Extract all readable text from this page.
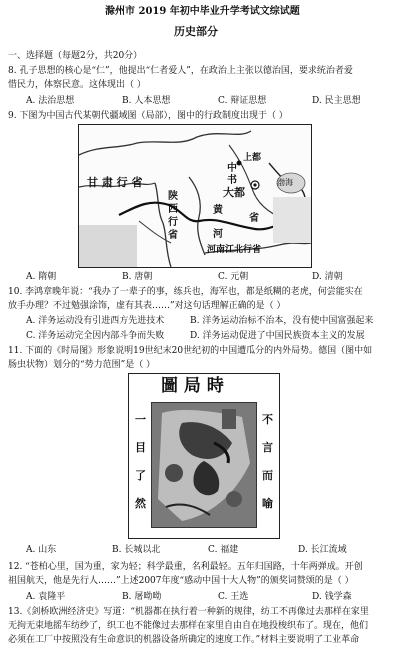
滁州市 2019 年初中毕业升学考试文综试题
历史部分
一、选择题（每题2分，共20分）
8. 孔子思想的核心是“仁”，他提出“仁者爱人”，在政治上主张以德治国，要求统治者爱
惜民力，体察民意。这体现出（ ）
A. 法治思想	B. 人本思想	C. 辩证思想	D. 民主思想
9. 下图为中国古代某朝代疆域图（局部），图中的行政制度出现于（ ）
甘 肃 行 省
陕
西
行
省
上都
中
书
大都
省
黄
渤海
河
河南江北行省
A. 隋朝	B. 唐朝	C. 元朝	D. 清朝
10. 李鸿章晚年说：“我办了一辈子的事，练兵也，海军也，都是纸糊的老虎，何尝能实在
放手办理？不过勉强涂饰，虚有其表……”对这句话理解正确的是（ ）
A. 洋务运动没有引进西方先进技术	B. 洋务运动治标不治本，没有使中国富强起来
C. 洋务运动完全因内部斗争而失败	D. 洋务运动促进了中国民族资本主义的发展
11. 下面的《时局图》形象说明19世纪末20世纪初的中国遭瓜分的内外局势。德国（图中如
肠虫状物）划分的“势力范围”是（ ）
圖 局 時
一
目
了
然
不
言
而
喻
A. 山东	B. 长城以北	C. 福建	D. 长江流域
12. “苍柏心里，国为重，家为轻；科学最重，名利最轻。五年归国路，十年两弹成。开创
祖国航天，他是先行人……”上述2007年度“感动中国十大人物”的颁奖词赞颂的是（ ）
A. 袁隆平	B. 屠呦呦	C. 王选	D. 钱学森
13.《剑桥欧洲经济史》写道：“机器都在执行着一种新的规律，纺工不再像过去那样在家里
无拘无束地摇车纺纱了，织工也不能像过去那样在家里自由自在地投梭织布了。现在，他们
必须在工厂中按照没有生命意识的机器设备所确定的速度工作。”材料主要说明了工业革命
